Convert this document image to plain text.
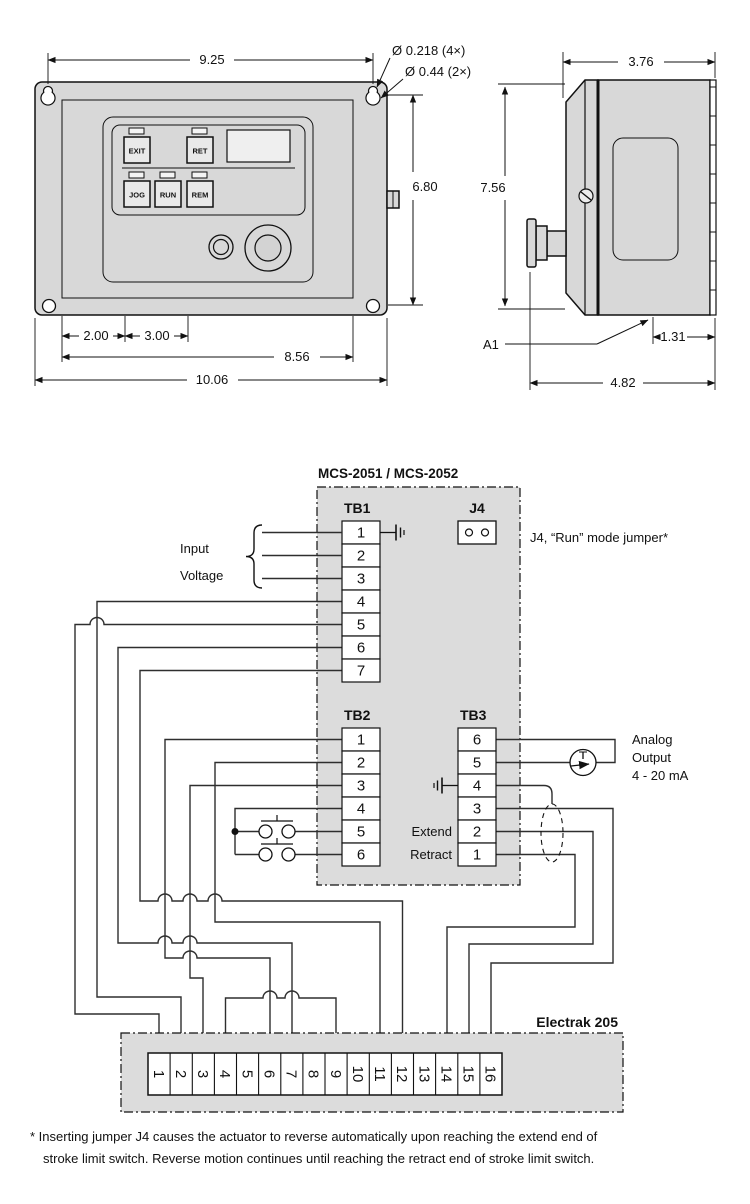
EXIT	RET
JOG RUN REM
9.25
Ø 0.218 (4×)
Ø 0.44 (2×)
6.80
2.00	3.00
8.56
10.06
3.76
7.56
A1
1.31
4.82
MCS-2051 / MCS-2052
TB1
1
2
3
4
5
6
7
Input
Voltage
J4
J4, “Run” mode jumper*
TB2
1
2
3
4
5
6
TB3
6
5
4
3
2
1
Extend
Retract
Analog
Output
4 - 20 mA
Electrak 205
1 2 3 4 5 6 7 8 9 10 11 12 13 14 15 16
* Inserting jumper J4 causes the actuator to reverse automatically upon reaching the extend end of
stroke limit switch. Reverse motion continues until reaching the retract end of stroke limit switch.
